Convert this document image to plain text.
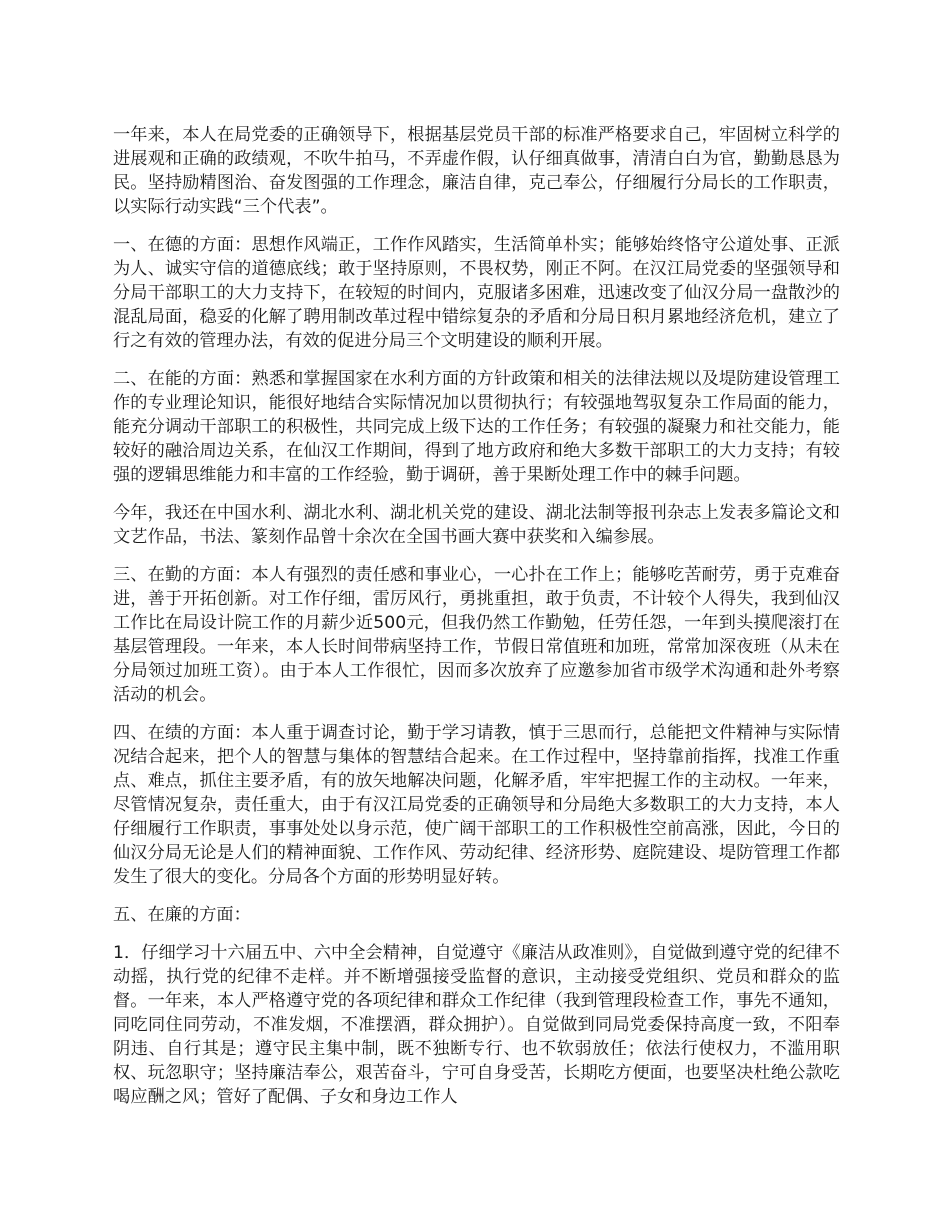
一年来，本人在局党委的正确领导下，根据基层党员干部的标准严格要求自己，牢固树立科学的进展观和正确的政绩观，不吹牛拍马，不弄虚作假，认仔细真做事，清清白白为官，勤勤恳恳为民。坚持励精图治、奋发图强的工作理念，廉洁自律，克己奉公，仔细履行分局长的工作职责，以实际行动实践“三个代表”。

一、在德的方面：思想作风端正，工作作风踏实，生活简单朴实；能够始终恪守公道处事、正派为人、诚实守信的道德底线；敢于坚持原则，不畏权势，刚正不阿。在汉江局党委的坚强领导和分局干部职工的大力支持下，在较短的时间内，克服诸多困难，迅速改变了仙汉分局一盘散沙的混乱局面，稳妥的化解了聘用制改革过程中错综复杂的矛盾和分局日积月累地经济危机，建立了行之有效的管理办法，有效的促进分局三个文明建设的顺利开展。

二、在能的方面：熟悉和掌握国家在水利方面的方针政策和相关的法律法规以及堤防建设管理工作的专业理论知识，能很好地结合实际情况加以贯彻执行；有较强地驾驭复杂工作局面的能力，能充分调动干部职工的积极性，共同完成上级下达的工作任务；有较强的凝聚力和社交能力，能较好的融洽周边关系，在仙汉工作期间，得到了地方政府和绝大多数干部职工的大力支持；有较强的逻辑思维能力和丰富的工作经验，勤于调研，善于果断处理工作中的棘手问题。

今年，我还在中国水利、湖北水利、湖北机关党的建设、湖北法制等报刊杂志上发表多篇论文和文艺作品，书法、篆刻作品曾十余次在全国书画大赛中获奖和入编参展。

三、在勤的方面：本人有强烈的责任感和事业心，一心扑在工作上；能够吃苦耐劳，勇于克难奋进，善于开拓创新。对工作仔细，雷厉风行，勇挑重担，敢于负责，不计较个人得失，我到仙汉工作比在局设计院工作的月薪少近500元，但我仍然工作勤勉，任劳任怨，一年到头摸爬滚打在基层管理段。一年来，本人长时间带病坚持工作，节假日常值班和加班，常常加深夜班（从未在分局领过加班工资）。由于本人工作很忙，因而多次放弃了应邀参加省市级学术沟通和赴外考察活动的机会。

四、在绩的方面：本人重于调查讨论，勤于学习请教，慎于三思而行，总能把文件精神与实际情况结合起来，把个人的智慧与集体的智慧结合起来。在工作过程中，坚持靠前指挥，找准工作重点、难点，抓住主要矛盾，有的放矢地解决问题，化解矛盾，牢牢把握工作的主动权。一年来，尽管情况复杂，责任重大，由于有汉江局党委的正确领导和分局绝大多数职工的大力支持，本人仔细履行工作职责，事事处处以身示范，使广阔干部职工的工作积极性空前高涨，因此，今日的仙汉分局无论是人们的精神面貌、工作作风、劳动纪律、经济形势、庭院建设、堤防管理工作都发生了很大的变化。分局各个方面的形势明显好转。

五、在廉的方面：

1．仔细学习十六届五中、六中全会精神，自觉遵守《廉洁从政准则》，自觉做到遵守党的纪律不动摇，执行党的纪律不走样。并不断增强接受监督的意识，主动接受党组织、党员和群众的监督。一年来，本人严格遵守党的各项纪律和群众工作纪律（我到管理段检查工作，事先不通知，同吃同住同劳动，不准发烟，不准摆酒，群众拥护）。自觉做到同局党委保持高度一致，不阳奉阴违、自行其是；遵守民主集中制，既不独断专行、也不软弱放任；依法行使权力，不滥用职权、玩忽职守；坚持廉洁奉公，艰苦奋斗，宁可自身受苦，长期吃方便面，也要坚决杜绝公款吃喝应酬之风；管好了配偶、子女和身边工作人
